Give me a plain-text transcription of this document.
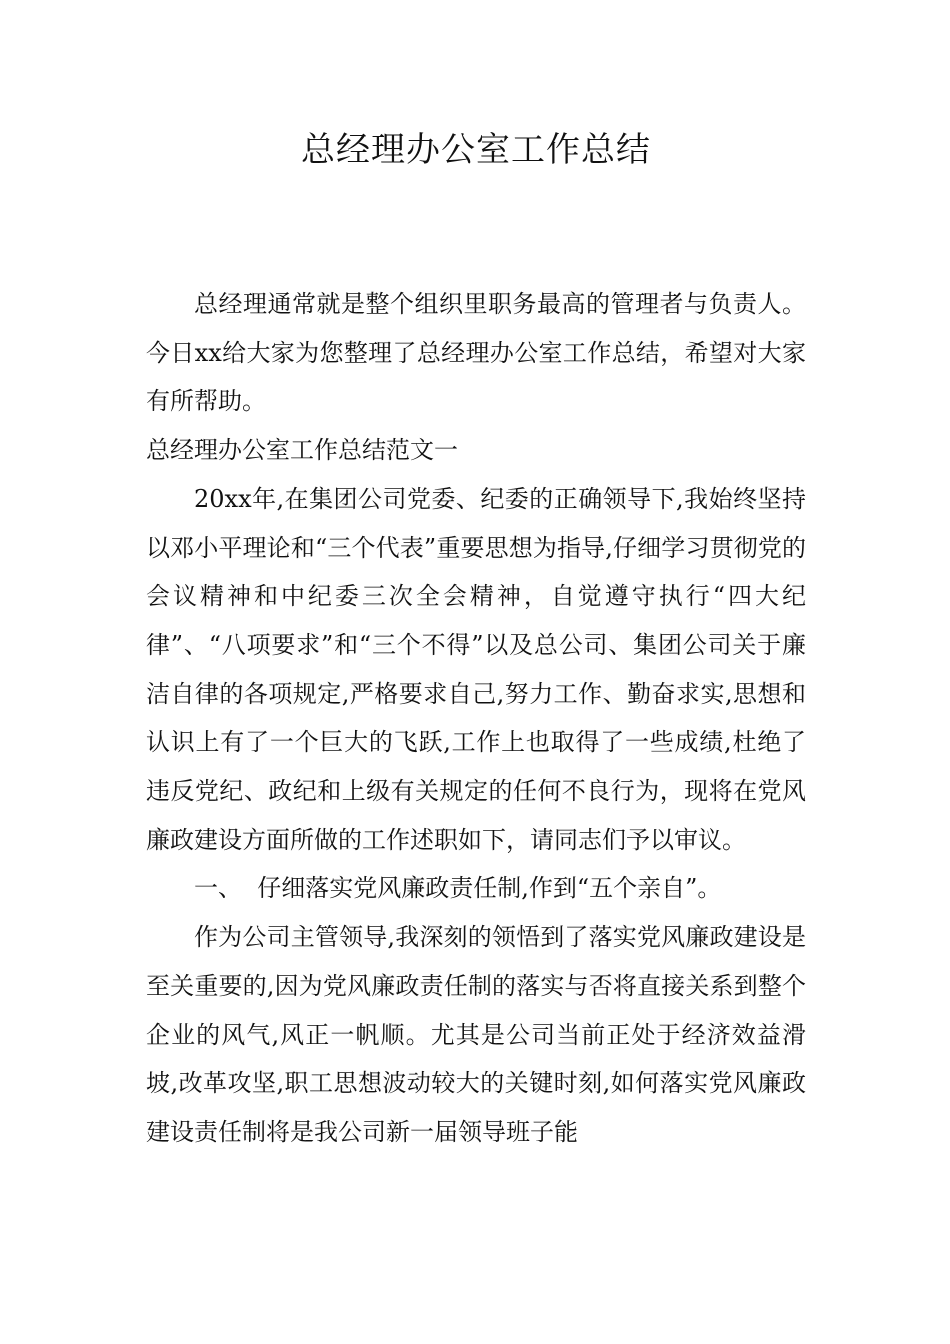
总经理办公室工作总结

总经理通常就是整个组织里职务最高的管理者与负责人。今日xx给大家为您整理了总经理办公室工作总结，希望对大家有所帮助。

总经理办公室工作总结范文一

20xx年,在集团公司党委、纪委的正确领导下,我始终坚持以邓小平理论和“三个代表”重要思想为指导,仔细学习贯彻党的会议精神和中纪委三次全会精神，自觉遵守执行“四大纪律”、“八项要求”和“三个不得”以及总公司、集团公司关于廉洁自律的各项规定,严格要求自己,努力工作、勤奋求实,思想和认识上有了一个巨大的飞跃,工作上也取得了一些成绩,杜绝了违反党纪、政纪和上级有关规定的任何不良行为，现将在党风廉政建设方面所做的工作述职如下，请同志们予以审议。

一、  仔细落实党风廉政责任制,作到“五个亲自”。

作为公司主管领导,我深刻的领悟到了落实党风廉政建设是至关重要的,因为党风廉政责任制的落实与否将直接关系到整个企业的风气,风正一帆顺。尤其是公司当前正处于经济效益滑坡,改革攻坚,职工思想波动较大的关键时刻,如何落实党风廉政建设责任制将是我公司新一届领导班子能
